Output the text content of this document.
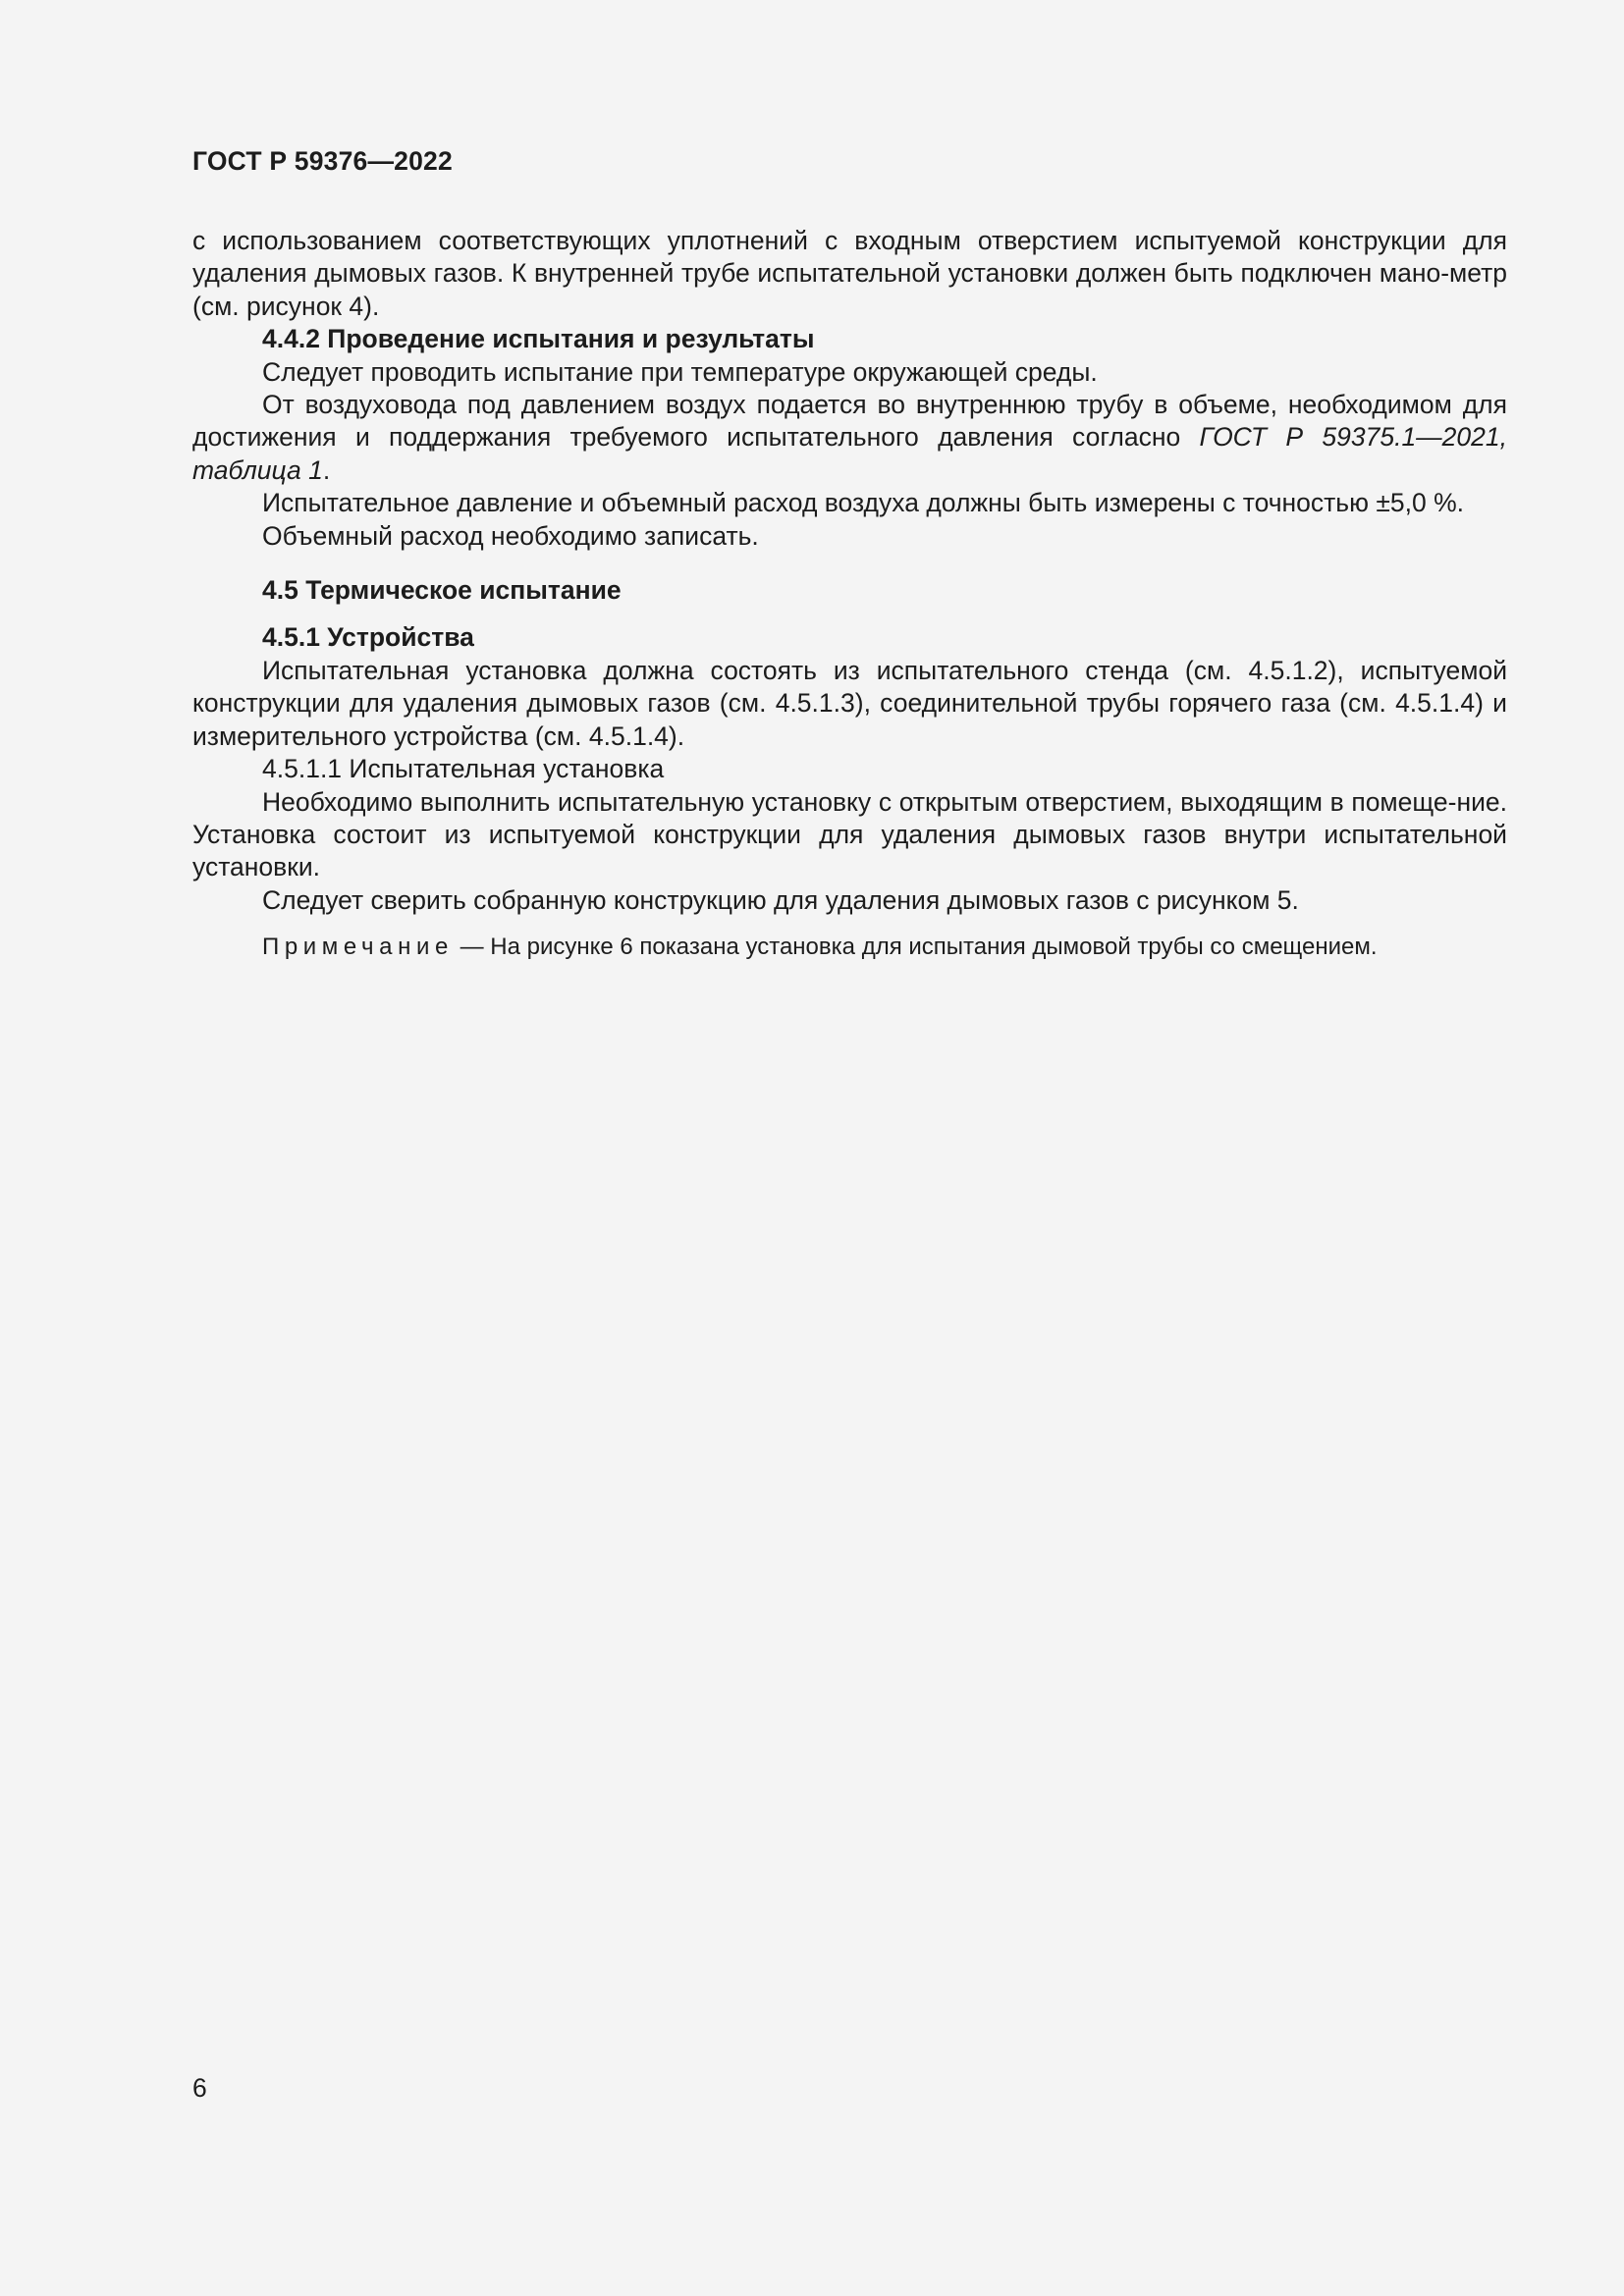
ГОСТ Р 59376—2022

с использованием соответствующих уплотнений с входным отверстием испытуемой конструкции для удаления дымовых газов. К внутренней трубе испытательной установки должен быть подключен мано-метр (см. рисунок 4).

4.4.2 Проведение испытания и результаты

Следует проводить испытание при температуре окружающей среды.

От воздуховода под давлением воздух подается во внутреннюю трубу в объеме, необходимом для достижения и поддержания требуемого испытательного давления согласно ГОСТ Р 59375.1—2021, таблица 1.

Испытательное давление и объемный расход воздуха должны быть измерены с точностью ±5,0 %.

Объемный расход необходимо записать.

4.5 Термическое испытание

4.5.1 Устройства

Испытательная установка должна состоять из испытательного стенда (см. 4.5.1.2), испытуемой конструкции для удаления дымовых газов (см. 4.5.1.3), соединительной трубы горячего газа (см. 4.5.1.4) и измерительного устройства (см. 4.5.1.4).

4.5.1.1 Испытательная установка

Необходимо выполнить испытательную установку с открытым отверстием, выходящим в помеще-ние. Установка состоит из испытуемой конструкции для удаления дымовых газов внутри испытательной установки.

Следует сверить собранную конструкцию для удаления дымовых газов с рисунком 5.

Примечание — На рисунке 6 показана установка для испытания дымовой трубы со смещением.

6
